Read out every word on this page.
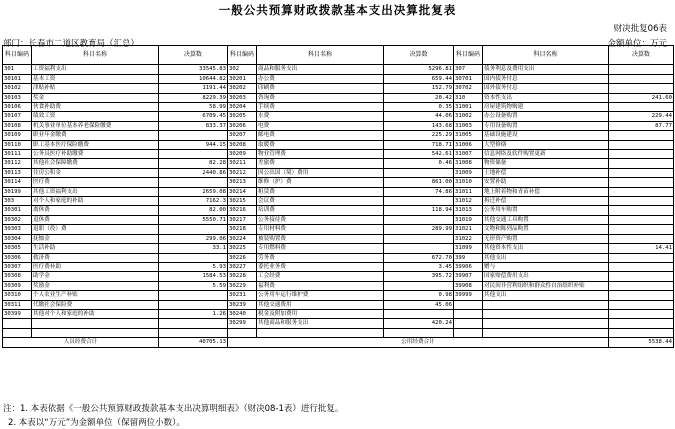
一般公共预算财政拨款基本支出决算批复表
财决批复06表
部门：长春市二道区教育局（汇总）	金额单位：万元
科目编码	科目名称	决算数	科目编码	科目名称	决算数	科目编码	科目名称	决算数
301	工资福利支出	33545.83	302	商品和服务支出	5296.81	307	债务利息及费用支出	
30101	基本工资	10644.82	30201	办公费	659.44	30701	国内债务付息	
30102	津贴补贴	1191.44	30202	印刷费	152.79	30702	国外债务付息	
30103	奖金	8229.39	30203	咨询费	20.42	310	资本性支出	241.60
30106	伙食补助费	58.99	30204	手续费	0.35	31001	房屋建筑物购建	
30107	绩效工资	6709.45	30205	水费	44.06	31002	办公设备购置	229.44
30108	机关事业单位基本养老保险缴费	833.37	30206	电费	143.68	31003	专用设备购置	87.77
30109	职业年金缴费		30207	邮电费	225.29	31005	基础设施建设	
30110	职工基本医疗保险缴费	944.15	30208	取暖费	718.71	31006	大型修缮	
30111	公务员医疗补助缴费		30209	物业管理费	542.61	31007	信息网络及软件购置更新	
30112	其他社会保障缴费	82.28	30211	差旅费	0.46	31008	物资储备	
30113	住房公积金	2440.86	30212	因公出国（境）费用		31009	土地补偿	
30114	医疗费		30213	维修（护）费	861.00	31010	安置补助	
30199	其他工资福利支出	2659.08	30214	租赁费	74.86	31011	地上附着物和青苗补偿	
303	对个人和家庭的补助	7162.3	30215	会议费		31012	拆迁补偿	
30301	离休费	82.00	30216	培训费	118.94	31013	公务用车购置	
30302	退休费	5550.71	30217	公务接待费		31019	其他交通工具购置	
30303	退职（役）费		30218	专用材料费	289.99	31021	文物和陈列品购置	
30304	抚恤金	299.06	30224	被装购置费		31022	无形资产购置	
30305	生活补助	33.1	30225	专用燃料费		31099	其他资本性支出	14.41
30306	救济费		30226	劳务费	672.70	399	其他支出	
30307	医疗费补助	5.93	30227	委托业务费	3.45	39906	赠与	
30308	助学金	1584.53	30228	工会经费	395.72	39907	国家赔偿费用支出	
30309	奖励金	5.59	30229	福利费		39908	对民间非营利组织和群众性自治组织补贴	
30310	个人农业生产补贴		30231	公务用车运行维护费	0.98	39999	其他支出	
30311	代缴社会保险费		30239	其他交通费用	45.06			
30399	其他对个人和家庭的补助	1.26	30240	税金及附加费用				
			30299	其他商品和服务支出	420.24			

人员经费合计		40705.13	公用经费合计					5538.44
注：1. 本表依据《一般公共预算财政拨款基本支出决算明细表》（财决08-1表）进行批复。
2. 本表以“万元”为金额单位（保留两位小数）。
